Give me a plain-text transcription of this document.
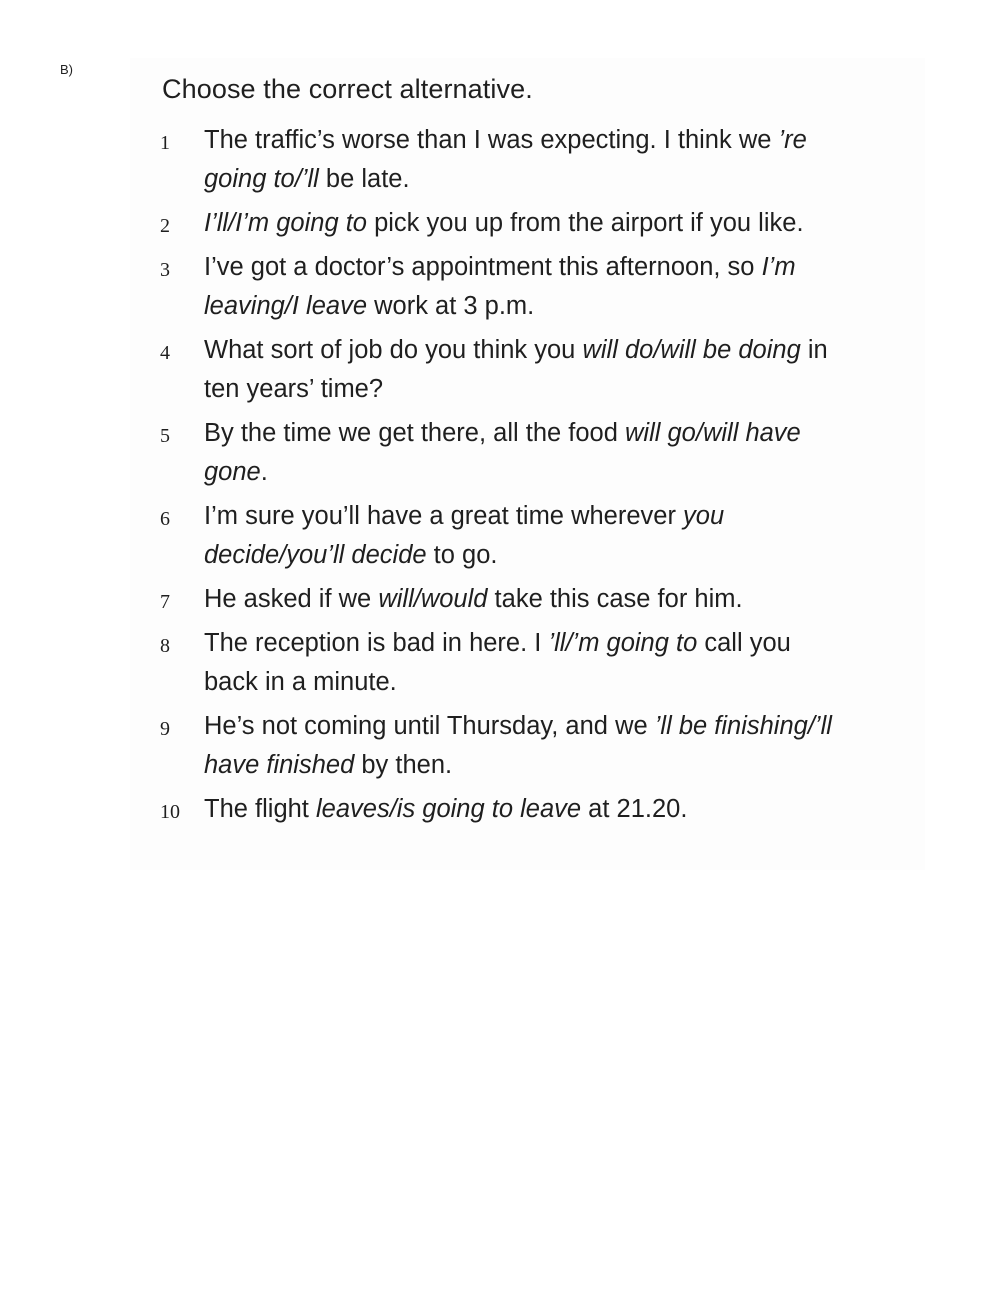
B)
Choose the correct alternative.
1	The traffic’s worse than I was expecting. I think we ’re going to/’ll be late.
2	I’ll/I’m going to pick you up from the airport if you like.
3	I’ve got a doctor’s appointment this afternoon, so I’m leaving/I leave work at 3 p.m.
4	What sort of job do you think you will do/will be doing in ten years’ time?
5	By the time we get there, all the food will go/will have gone.
6	I’m sure you’ll have a great time wherever you decide/you’ll decide to go.
7	He asked if we will/would take this case for him.
8	The reception is bad in here. I ’ll/’m going to call you back in a minute.
9	He’s not coming until Thursday, and we ’ll be finishing/’ll have finished by then.
10 The flight leaves/is going to leave at 21.20.
